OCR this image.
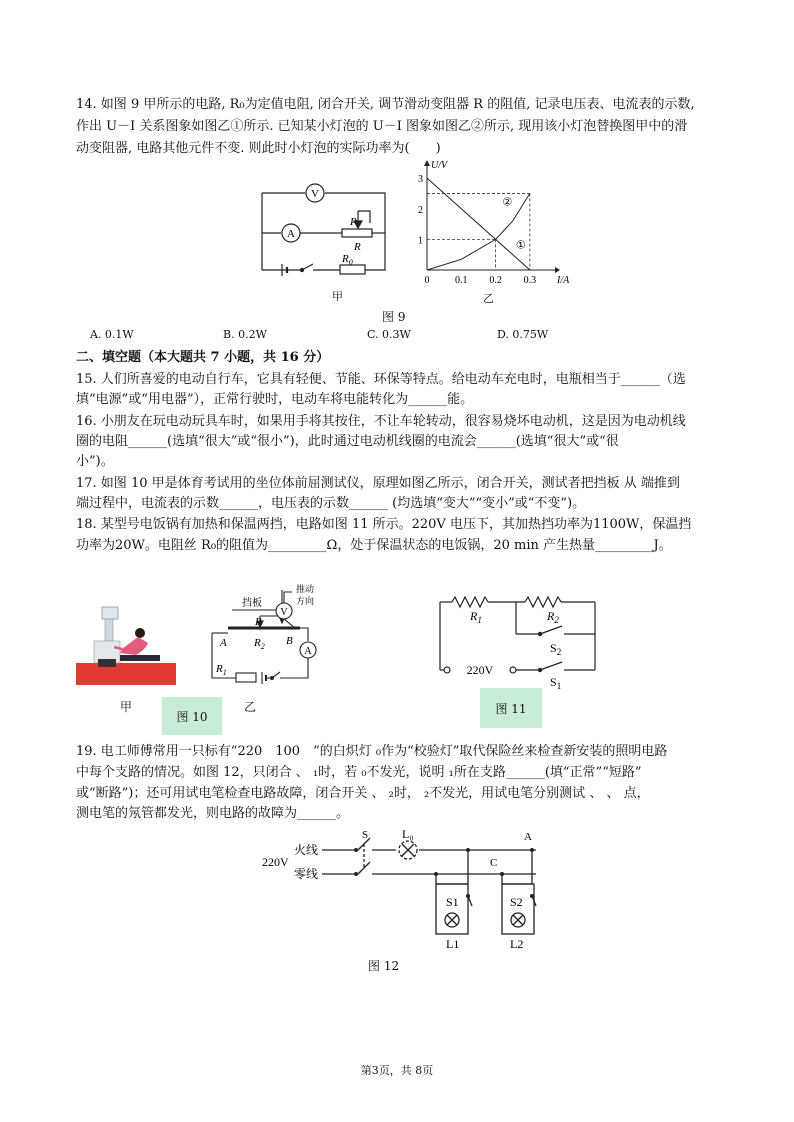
14. 如图 9 甲所示的电路, R₀为定值电阻, 闭合开关, 调节滑动变阻器 R 的阻值, 记录电压表、电流表的示数,
作出 U－I 关系图象如图乙①所示. 已知某小灯泡的 U－I 图象如图乙②所示, 现用该小灯泡替换图甲中的滑
动变阻器, 电路其他元件不变. 则此时小灯泡的实际功率为(　　)
V
A
P
R
$R_0$
甲
①
②
0	0.1 0.2 0.3
1
2
3
I/A
U/V
乙
图 9
A. 0.1W	B. 0.2W	C. 0.3W	D. 0.75W
二、填空题（本大题共 7 小题，共 16 分）
15. 人们所喜爱的电动自行车，它具有轻便、节能、环保等特点。给电动车充电时，电瓶相当于______（选
填“电源”或“用电器”），正常行驶时，电动车将电能转化为______能。
16. 小朋友在玩电动玩具车时，如果用手将其按住，不让车轮转动，很容易烧坏电动机，这是因为电动机线
圈的电阻______(选填“很大”或“很小”)，此时通过电动机线圈的电流会______(选填“很大”或“很
小”)。
17. 如图 10 甲是体育考试用的坐位体前屈测试仪，原理如图乙所示，闭合开关，测试者把挡板 从 端推到
端过程中，电流表的示数______，电压表的示数______ (均选填“变大”“变小”或“不变”)。
18. 某型号电饭锅有加热和保温两挡，电路如图 11 所示。220V 电压下，其加热挡功率为1100W，保温挡
功率为20W。电阻丝 R₀的阻值为_________Ω，处于保温状态的电饭锅，20 min 产生热量_________J。
甲
图 10
挡板
推动
方向
P
V
A
A	B
$R_2$
$R_1$
乙
$R_1$	$R_2$
$S_2$
$S_1$
220V
图 11
19. 电工师傅常用一只标有“220　100　”的白炽灯 ₀作为“校验灯”取代保险丝来检查新安装的照明电路
中每个支路的情况。如图 12，只闭合 、 ₁时，若 ₀不发光，说明 ₁所在支路______(填“正常”“短路”
或“断路”)；还可用试电笔检查电路故障，闭合开关 、 ₂时， ₂不发光，用试电笔分别测试 、 、 点，
测电笔的氖管都发光，则电路的故障为______。
220V
火线
零线
S	L₀	A
C
S1	S2
L1	L2
图 12
第3页，共 8页
